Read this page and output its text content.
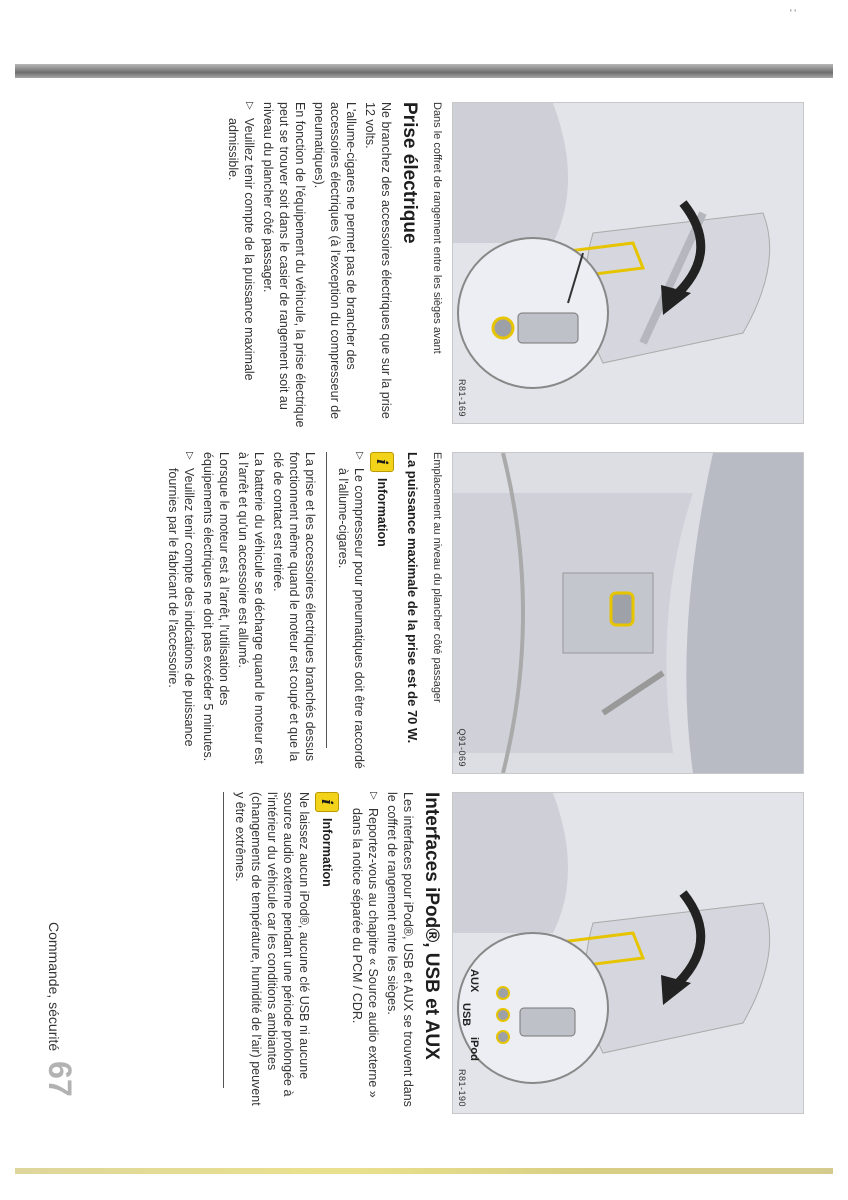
' '
R81-169
Dans le coffret de rangement entre les sièges avant
Prise électrique

Ne branchez des accessoires électriques que sur la prise 12 volts.

L'allume-cigares ne permet pas de brancher des accessoires électriques (à l'exception du compresseur de pneumatiques).

En fonction de l'équipement du véhicule, la prise électrique peut se trouver soit dans le casier de rangement soit au niveau du plancher côté passager.

▷
Veuillez tenir compte de la puissance maximale admissible.
Q91-069
Emplacement au niveau du plancher côté passager
La puissance maximale de la prise est de 70 W.
i
Information
▷
Le compresseur pour pneumatiques doit être raccordé à l'allume-cigares.

La prise et les accessoires électriques branchés dessus fonctionnent même quand le moteur est coupé et que la clé de contact est retirée.

La batterie du véhicule se décharge quand le moteur est à l'arrêt et qu'un accessoire est allumé.

Lorsque le moteur est à l'arrêt, l'utilisation des équipements électriques ne doit pas excéder 5 minutes.

▷
Veuillez tenir compte des indications de puissance fournies par le fabricant de l'accessoire.
AUX
USB
iPod
R81-190
Interfaces iPod®, USB et AUX

Les interfaces pour iPod®, USB et AUX se trouvent dans le coffret de rangement entre les sièges.

▷
Reportez-vous au chapitre « Source audio externe » dans la notice séparée du PCM / CDR.
i
Information

Ne laissez aucun iPod®, aucune clé USB ni aucune source audio externe pendant une période prolongée à l'intérieur du véhicule car les conditions ambiantes (changements de température, humidité de l'air) peuvent y être extrêmes.

Commande, sécurité
67
